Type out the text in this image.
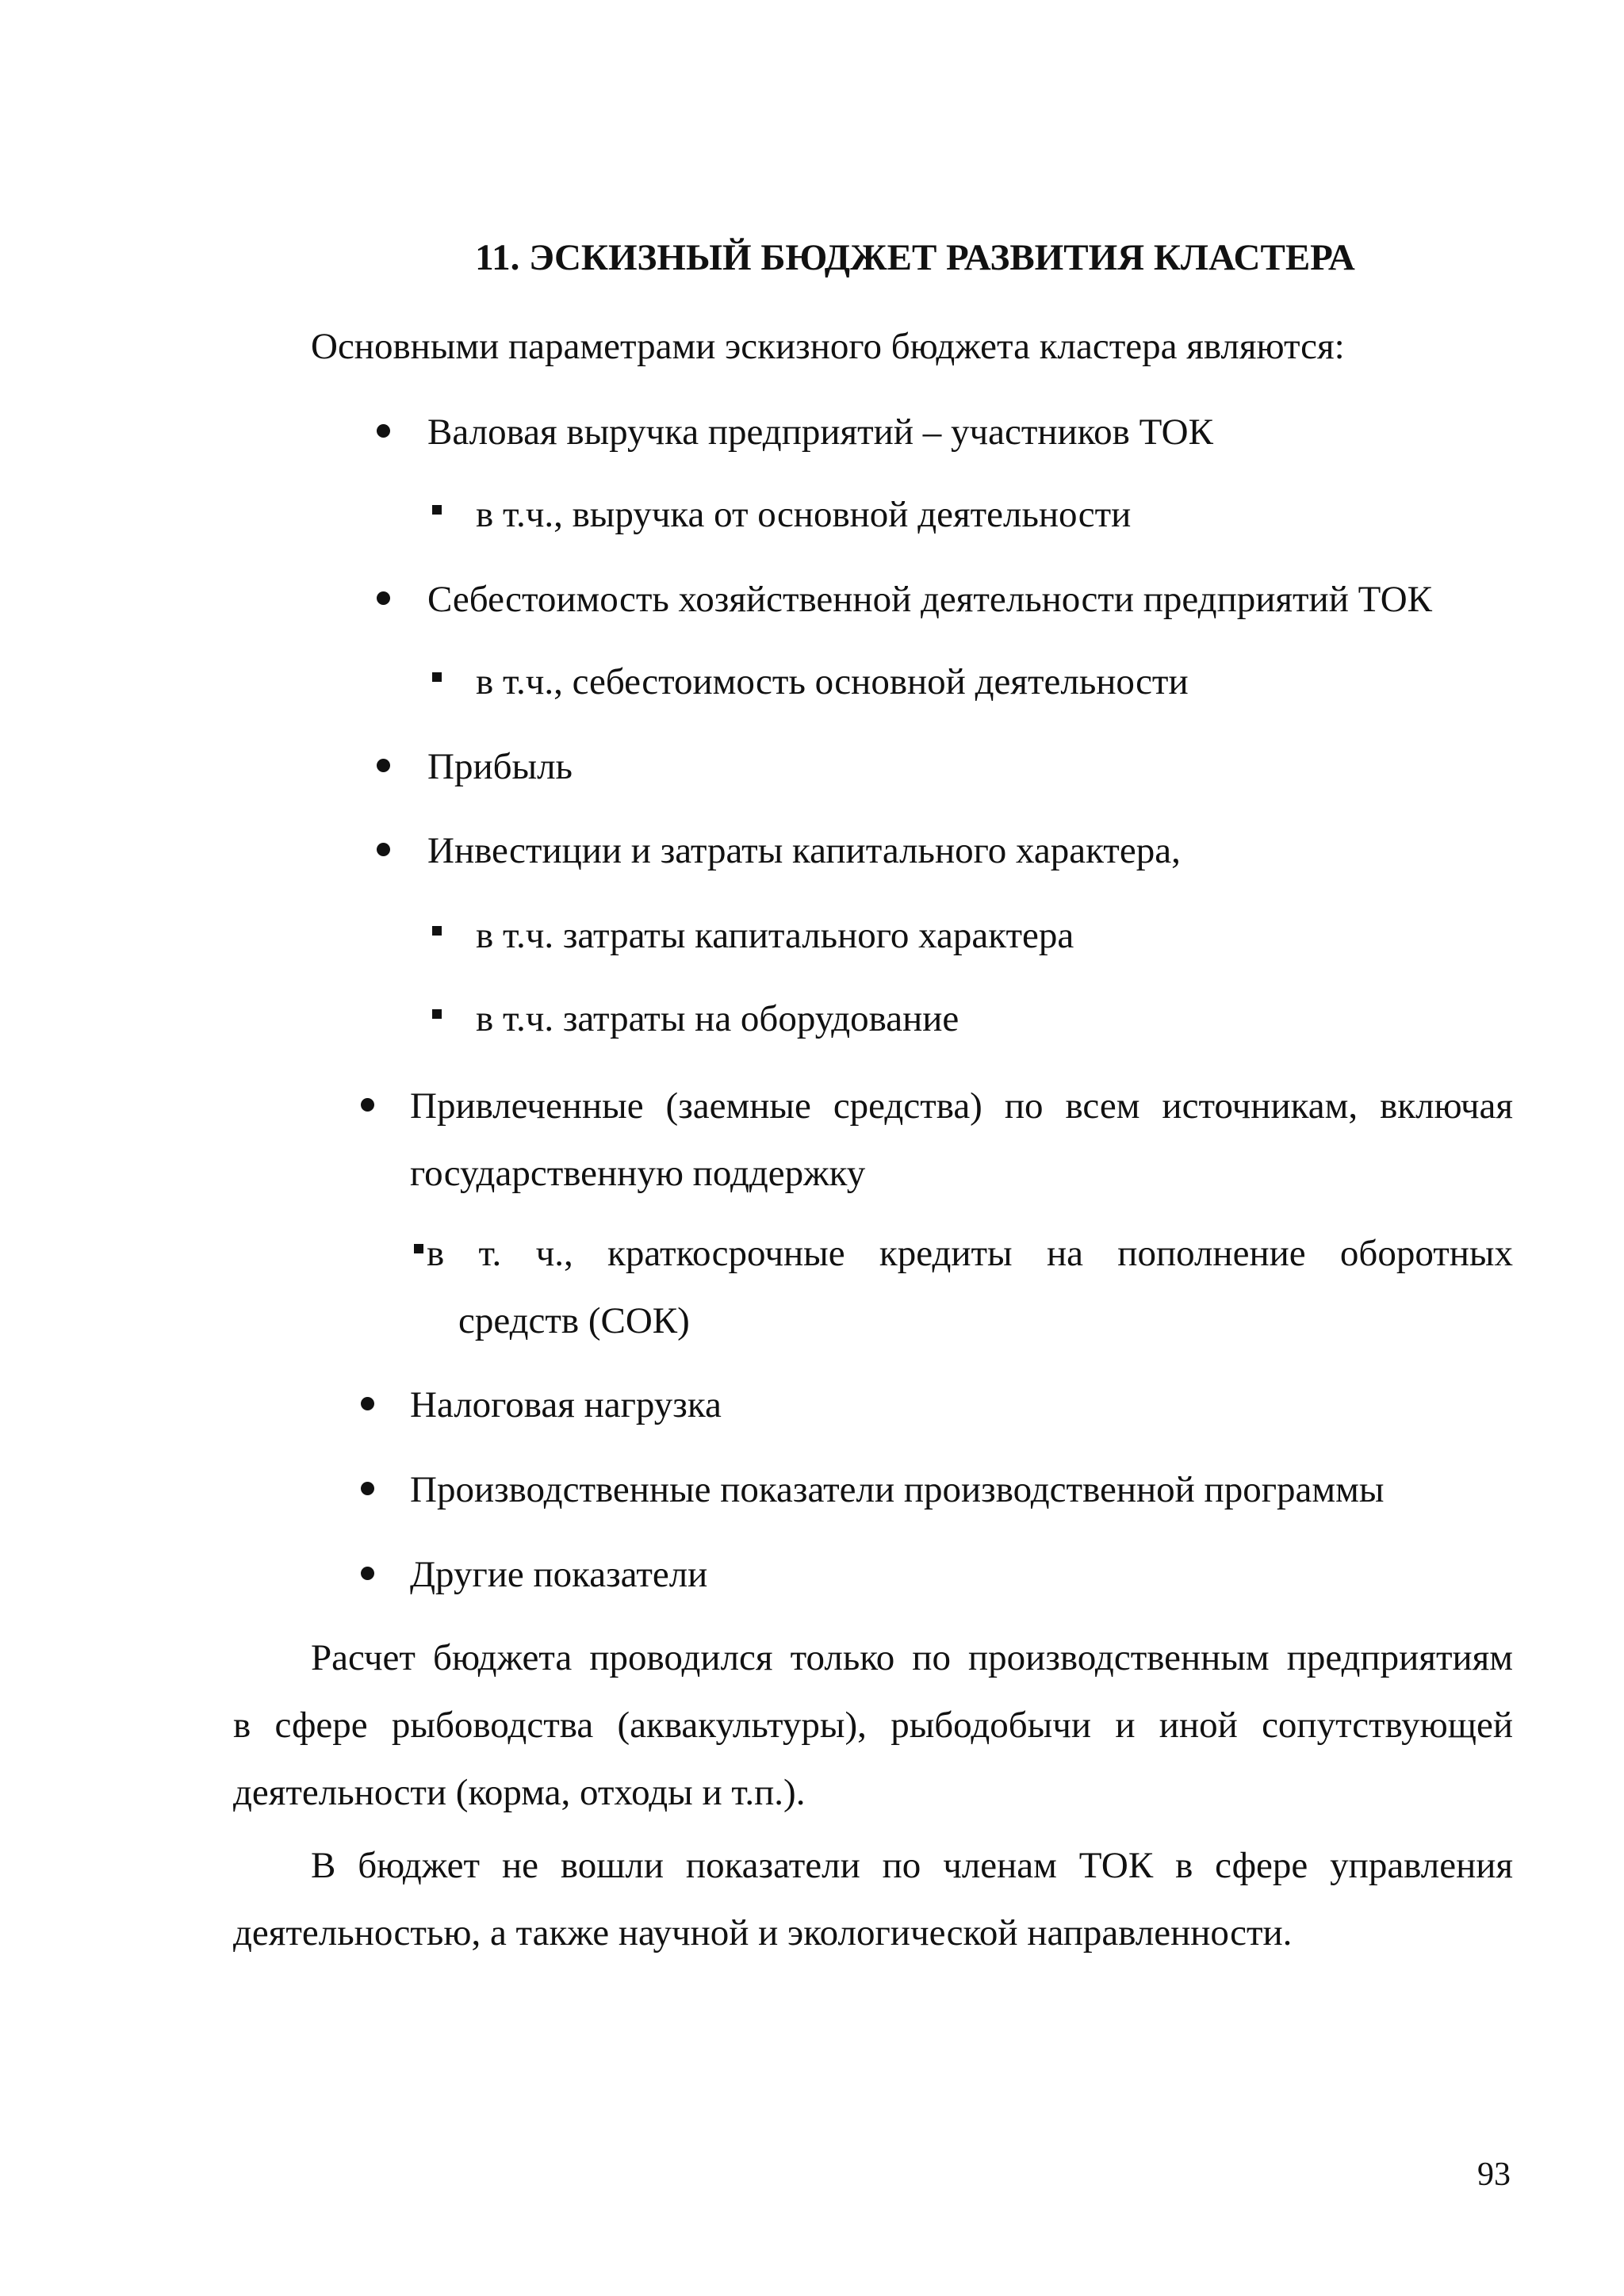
11. ЭСКИЗНЫЙ БЮДЖЕТ РАЗВИТИЯ КЛАСТЕРА
Основными параметрами эскизного бюджета кластера являются:
Валовая выручка предприятий – участников ТОК
в т.ч., выручка от основной деятельности
Себестоимость хозяйственной деятельности предприятий ТОК
в т.ч., себестоимость основной деятельности
Прибыль
Инвестиции и затраты капитального характера,
в т.ч. затраты капитального характера
в т.ч. затраты на оборудование
Привлеченные (заемные средства) по всем источникам, включая
государственную поддержку
в т. ч., краткосрочные кредиты на пополнение оборотных
средств (СОК)
Налоговая нагрузка
Производственные показатели производственной программы
Другие показатели
Расчет бюджета проводился только по производственным предприятиям
в сфере рыбоводства (аквакультуры), рыбодобычи и иной сопутствующей
деятельности (корма, отходы и т.п.).
В бюджет не вошли показатели по членам ТОК в сфере управления
деятельностью, а также научной и экологической направленности.
93
